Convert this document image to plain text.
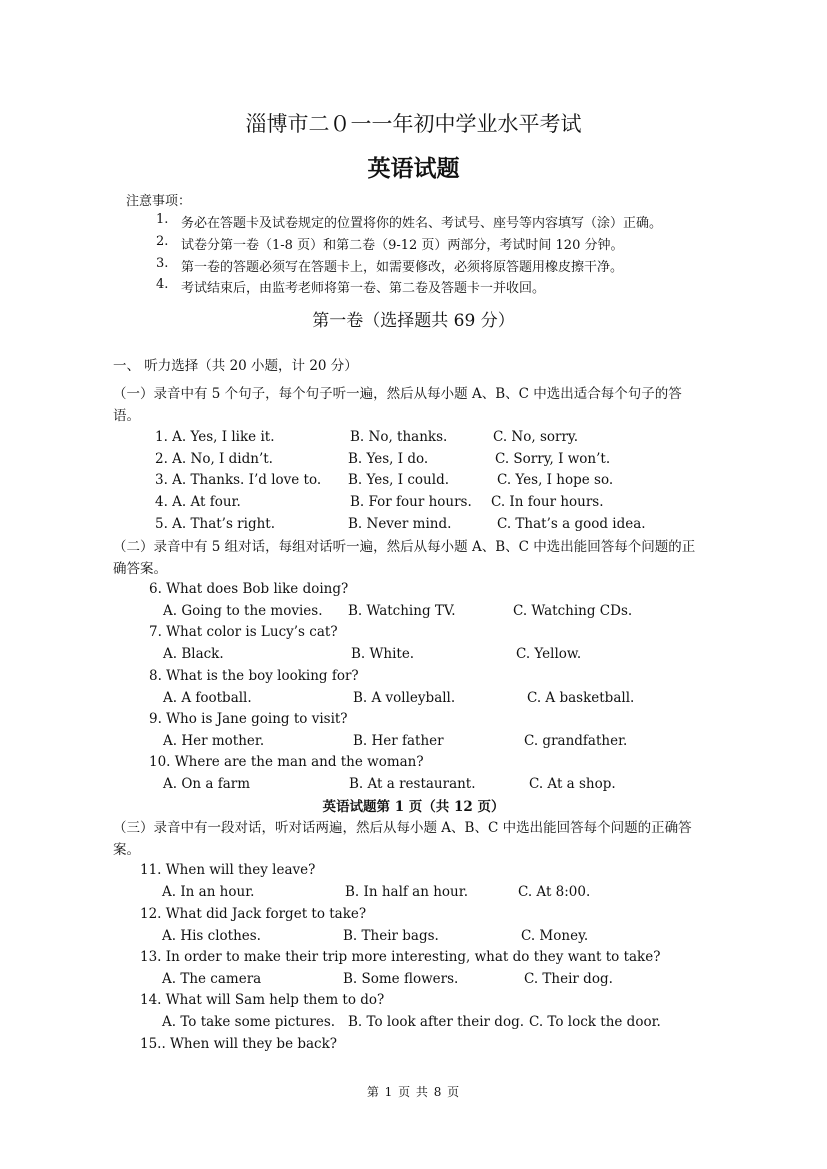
淄博市二０一一年初中学业水平考试
英语试题
注意事项：
1. 务必在答题卡及试卷规定的位置将你的姓名、考试号、座号等内容填写（涂）正确。
2. 试卷分第一卷（1-8 页）和第二卷（9-12 页）两部分，考试时间 120 分钟。
3. 第一卷的答题必须写在答题卡上，如需要修改，必须将原答题用橡皮擦干净。
4. 考试结束后，由监考老师将第一卷、第二卷及答题卡一并收回。
第一卷（选择题共 69 分）
一、 听力选择（共 20 小题，计 20 分）
（一）录音中有 5 个句子，每个句子听一遍，然后从每小题 A、B、C 中选出适合每个句子的答语。
1. A. Yes, I like it.	B. No, thanks.	C. No, sorry.
2. A. No, I didn’t.	B. Yes, I do.	C. Sorry, I won’t.
3. A. Thanks. I’d love to. B. Yes, I could.	C. Yes, I hope so.
4. A. At four.	B. For four hours. C. In four hours.
5. A. That’s right.	B. Never mind.	C. That’s a good idea.
（二）录音中有 5 组对话，每组对话听一遍，然后从每小题 A、B、C 中选出能回答每个问题的正确答案。
6. What does Bob like doing?
A. Going to the movies. B. Watching TV.	C. Watching CDs.
7. What color is Lucy’s cat?
A. Black.	B. White.	C. Yellow.
8. What is the boy looking for?
A. A football.	B. A volleyball.	C. A basketball.
9. Who is Jane going to visit?
A. Her mother.	B. Her father	C. grandfather.
10. Where are the man and the woman?
A. On a farm	B. At a restaurant.	C. At a shop.
英语试题第 1 页（共 12 页）
（三）录音中有一段对话，听对话两遍，然后从每小题 A、B、C 中选出能回答每个问题的正确答案。
11. When will they leave?
A. In an hour.	B. In half an hour.	C. At 8:00.
12. What did Jack forget to take?
A. His clothes.	B. Their bags.	C. Money.
13. In order to make their trip more interesting, what do they want to take?
A. The camera	B. Some flowers.	C. Their dog.
14. What will Sam help them to do?
A. To take some pictures. B. To look after their dog. C. To lock the door.
15.. When will they be back?
第 1 页 共 8 页
